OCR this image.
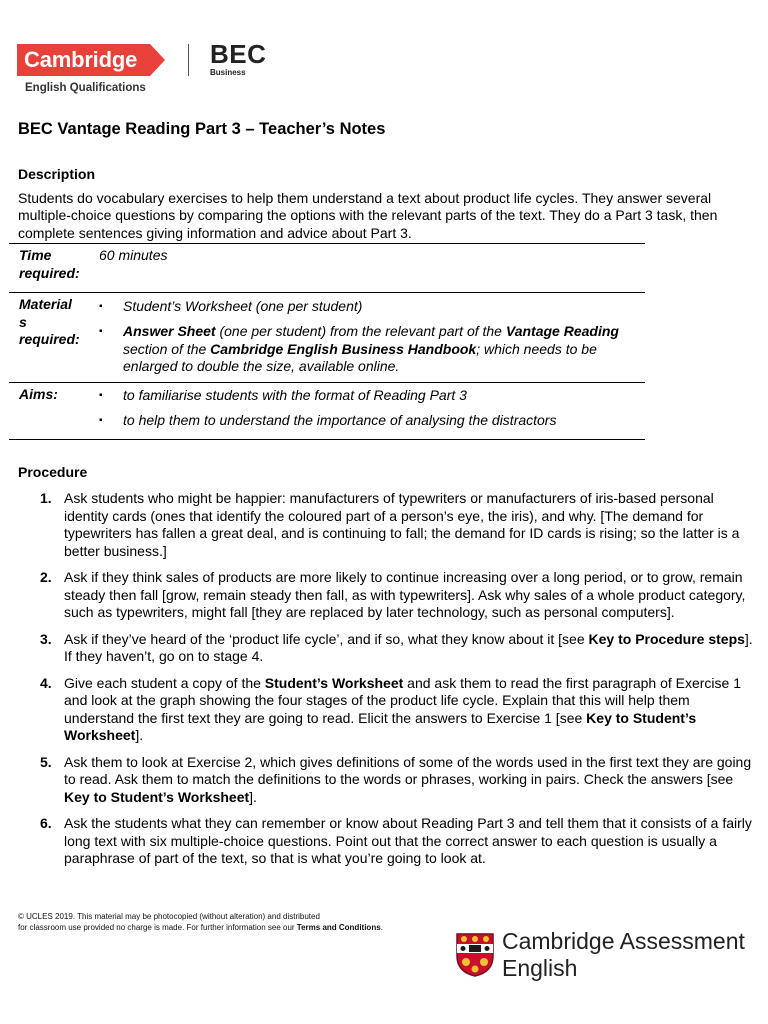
Cambridge
English Qualifications
BEC
Business
BEC Vantage Reading Part 3 – Teacher’s Notes
Description
Students do vocabulary exercises to help them understand a text about product life cycles. They answer several multiple-choice questions by comparing the options with the relevant parts of the text. They do a Part 3 task, then complete sentences giving information and advice about Part 3.
Time required:
60 minutes
Material
s
required:
▪ Student’s Worksheet (one per student)
▪ Answer Sheet (one per student) from the relevant part of the Vantage Reading section of the Cambridge English Business Handbook; which needs to be enlarged to double the size, available online.
Aims:	▪ to familiarise students with the format of Reading Part 3
▪ to help them to understand the importance of analysing the distractors
Procedure
1. Ask students who might be happier: manufacturers of typewriters or manufacturers of iris-based personal identity cards (ones that identify the coloured part of a person’s eye, the iris), and why. [The demand for typewriters has fallen a great deal, and is continuing to fall; the demand for ID cards is rising; so the latter is a better business.]
2. Ask if they think sales of products are more likely to continue increasing over a long period, or to grow, remain steady then fall [grow, remain steady then fall, as with typewriters]. Ask why sales of a whole product category, such as typewriters, might fall [they are replaced by later technology, such as personal computers].
3. Ask if they’ve heard of the ‘product life cycle’, and if so, what they know about it [see Key to Procedure steps]. If they haven’t, go on to stage 4.
4. Give each student a copy of the Student’s Worksheet and ask them to read the first paragraph of Exercise 1 and look at the graph showing the four stages of the product life cycle. Explain that this will help them understand the first text they are going to read. Elicit the answers to Exercise 1 [see Key to Student’s Worksheet].
5. Ask them to look at Exercise 2, which gives definitions of some of the words used in the first text they are going to read. Ask them to match the definitions to the words or phrases, working in pairs. Check the answers [see Key to Student’s Worksheet].
6. Ask the students what they can remember or know about Reading Part 3 and tell them that it consists of a fairly long text with six multiple-choice questions. Point out that the correct answer to each question is usually a paraphrase of part of the text, so that is what you’re going to look at.
© UCLES 2019. This material may be photocopied (without alteration) and distributed
for classroom use provided no charge is made. For further information see our Terms and Conditions.
Cambridge Assessment
English
